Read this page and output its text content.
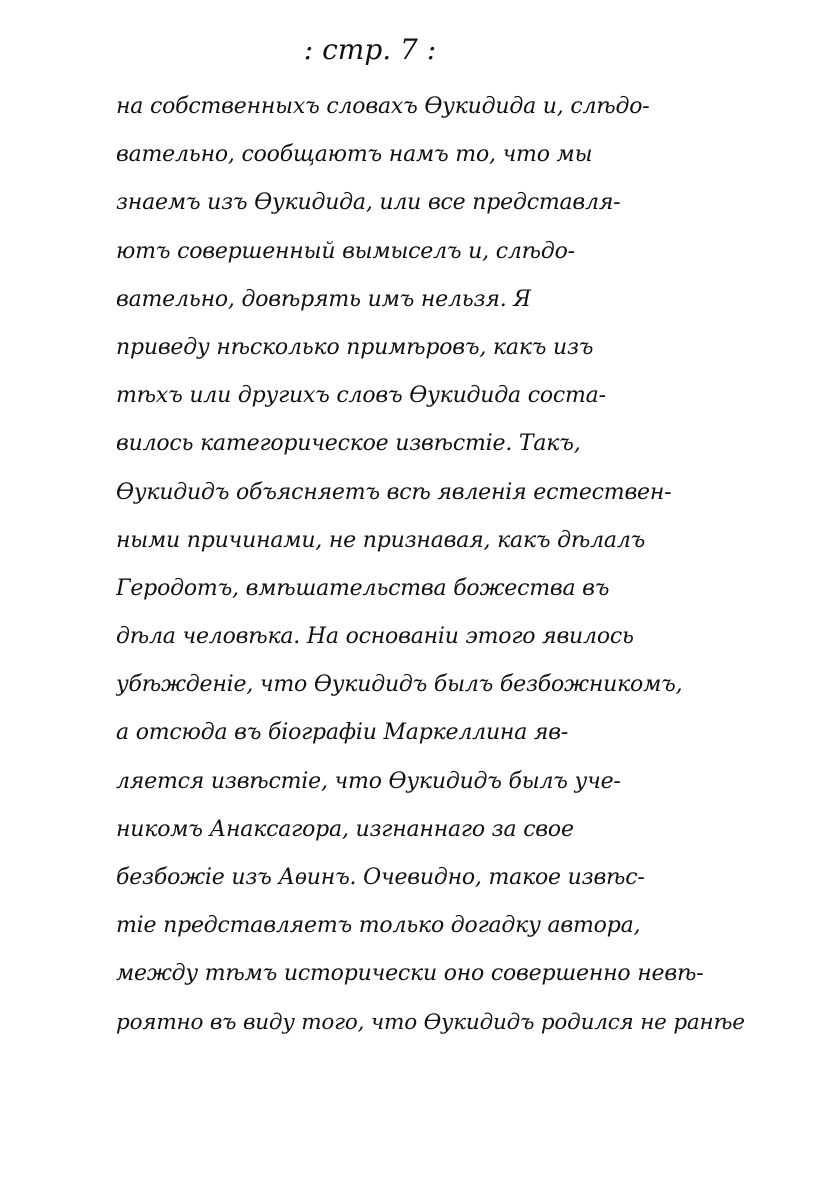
: стр. 7 :
на собственныхъ словахъ Өукидида и, слѣдо-
вательно, сообщаютъ намъ то, что мы
знаемъ изъ Өукидида, или все представля-
ютъ совершенный вымыселъ и, слѣдо-
вательно, довѣрять имъ нельзя. Я
приведу нѣсколько примѣровъ, какъ изъ
тѣхъ или другихъ словъ Өукидида соста-
вилось категорическое извѣстіе. Такъ,
Өукидидъ объясняетъ всѣ явленія естествен-
ными причинами, не признавая, какъ дѣлалъ
Геродотъ, вмѣшательства божества въ
дѣла человѣка. На основаніи этого явилось
убѣжденіе, что Өукидидъ былъ безбожникомъ,
а отсюда въ біографіи Маркеллина яв-
ляется извѣстіе, что Өукидидъ былъ уче-
никомъ Анаксагора, изгнаннаго за свое
безбожіе изъ Аѳинъ. Очевидно, такое извѣс-
тіе представляетъ только догадку автора,
между тѣмъ исторически оно совершенно невѣ-
роятно въ виду того, что Өукидидъ родился не ранѣе
